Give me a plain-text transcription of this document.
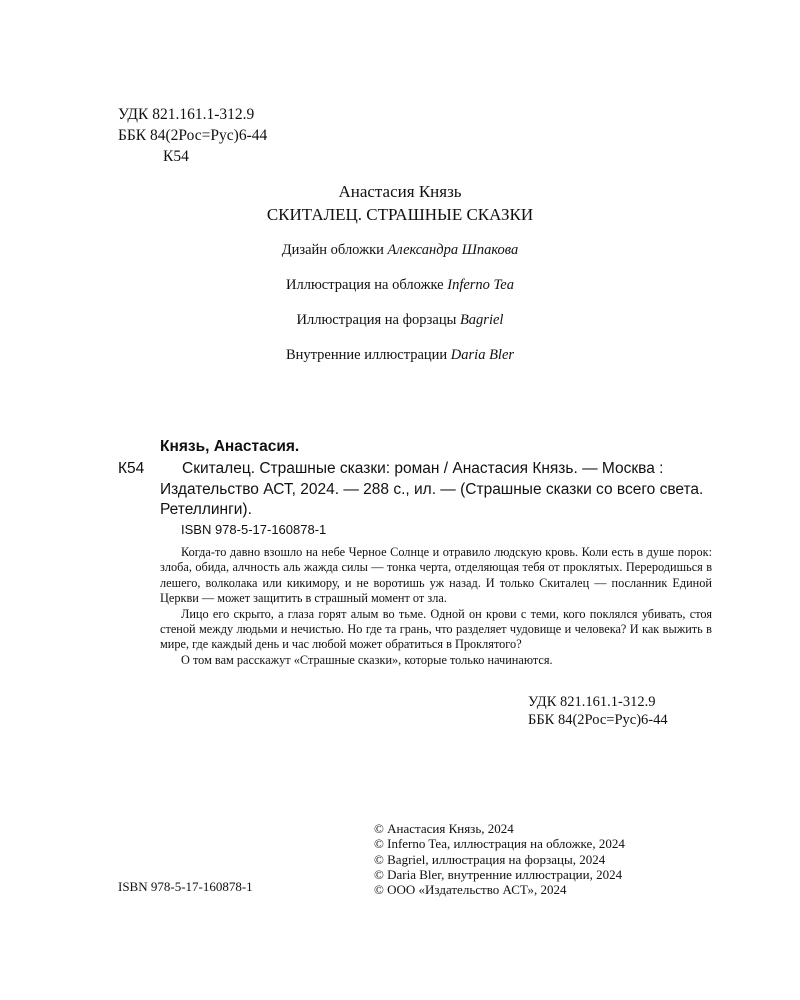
УДК 821.161.1-312.9
ББК 84(2Рос=Рус)6-44
К54
Анастасия Князь
СКИТАЛЕЦ. СТРАШНЫЕ СКАЗКИ
Дизайн обложки Александра Шпакова
Иллюстрация на обложке Inferno Tea
Иллюстрация на форзацы Bagriel
Внутренние иллюстрации Daria Bler
Князь, Анастасия.
К54	Скиталец. Страшные сказки: роман / Анастасия Князь. — Москва : Издательство АСТ, 2024. — 288 с., ил. — (Страшные сказки со всего света. Ретеллинги).
ISBN 978-5-17-160878-1

Когда-то давно взошло на небе Черное Солнце и отравило людскую кровь. Коли есть в душе порок: злоба, обида, алчность аль жажда силы — тонка черта, отделяющая тебя от проклятых. Переродишься в лешего, волколака или кикимору, и не воротишь уж назад. И только Скиталец — посланник Единой Церкви — может защитить в страшный момент от зла.

Лицо его скрыто, а глаза горят алым во тьме. Одной он крови с теми, кого поклялся убивать, стоя стеной между людьми и нечистью. Но где та грань, что разделяет чудовище и человека? И как выжить в мире, где каждый день и час любой может обратиться в Проклятого?

О том вам расскажут «Страшные сказки», которые только начинаются.

УДК 821.161.1-312.9
ББК 84(2Рос=Рус)6-44
© Анастасия Князь, 2024
© Inferno Tea, иллюстрация на обложке, 2024
© Bagriel, иллюстрация на форзацы, 2024
© Daria Bler, внутренние иллюстрации, 2024
© ООО «Издательство АСТ», 2024
ISBN 978-5-17-160878-1
